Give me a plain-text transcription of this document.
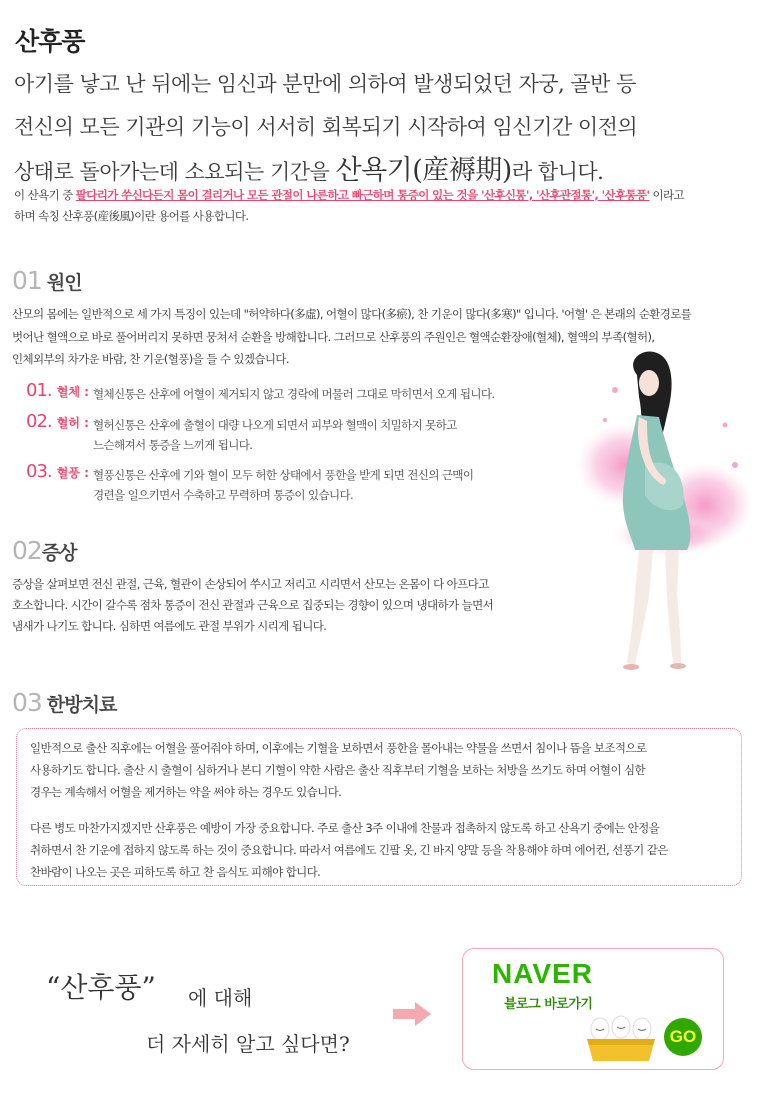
산후풍
아기를 낳고 난 뒤에는 임신과 분만에 의하여 발생되었던 자궁, 골반 등
전신의 모든 기관의 기능이 서서히 회복되기 시작하여 임신기간 이전의
상태로 돌아가는데 소요되는 기간을 산욕기(産褥期)라 합니다.
이 산욕기 중 팔다리가 쑤신다든지 몸이 결리거나 모든 관절이 나른하고 빠근하며 통증이 있는 것을 '산후신통', '산후관절통', '산후통풍' 이라고
하며 속칭 산후풍(産後風)이란 용어를 사용합니다.
01 원인
산모의 몸에는 일반적으로 세 가지 특징이 있는데 "허약하다(多虛), 어혈이 많다(多瘀), 찬 기운이 많다(多寒)" 입니다. '어혈' 은 본래의 순환경로를
벗어난 혈액으로 바로 풀어버리지 못하면 뭉쳐서 순환을 방해합니다. 그러므로 산후풍의 주원인은 혈액순환장애(혈체), 혈액의 부족(혈허),
인체외부의 차가운 바람, 찬 기운(혈풍)을 들 수 있겠습니다.
01. 혈체 : 혈체신통은 산후에 어혈이 제거되지 않고 경락에 머물러 그대로 막히면서 오게 됩니다.
02. 혈허 : 혈허신통은 산후에 출혈이 대량 나오게 되면서 피부와 혈맥이 치밀하지 못하고
느슨해져서 통증을 느끼게 됩니다.
03. 혈풍 : 혈풍신통은 산후에 기와 혈이 모두 허한 상태에서 풍한을 받게 되면 전신의 근맥이
경련을 일으키면서 수축하고 무력하며 통증이 있습니다.
02증상
증상을 살펴보면 전신 관절, 근육, 혈관이 손상되어 쑤시고 저리고 시리면서 산모는 온몸이 다 아프다고
호소합니다. 시간이 갈수록 점차 통증이 전신 관절과 근육으로 집중되는 경향이 있으며 냉대하가 늘면서
냄새가 나기도 합니다. 심하면 여름에도 관절 부위가 시리게 됩니다.
03 한방치료
일반적으로 출산 직후에는 어혈을 풀어줘야 하며, 이후에는 기혈을 보하면서 풍한을 몰아내는 약물을 쓰면서 침이나 뜸을 보조적으로
사용하기도 합니다. 출산 시 출혈이 심하거나 본디 기혈이 약한 사람은 출산 직후부터 기혈을 보하는 처방을 쓰기도 하며 어혈이 심한
경우는 계속해서 어혈을 제거하는 약을 써야 하는 경우도 있습니다.
다른 병도 마찬가지겠지만 산후풍은 예방이 가장 중요합니다. 주로 출산 3주 이내에 찬물과 접촉하지 않도록 하고 산욕기 중에는 안정을
취하면서 찬 기운에 접하지 않도록 하는 것이 중요합니다. 따라서 여름에도 긴팔 옷, 긴 바지 양말 등을 착용해야 하며 에어컨, 선풍기 같은
찬바람이 나오는 곳은 피하도록 하고 찬 음식도 피해야 합니다.
“산후풍” 에 대해
더 자세히 알고 싶다면?
NAVER
블로그 바로가기
GO
